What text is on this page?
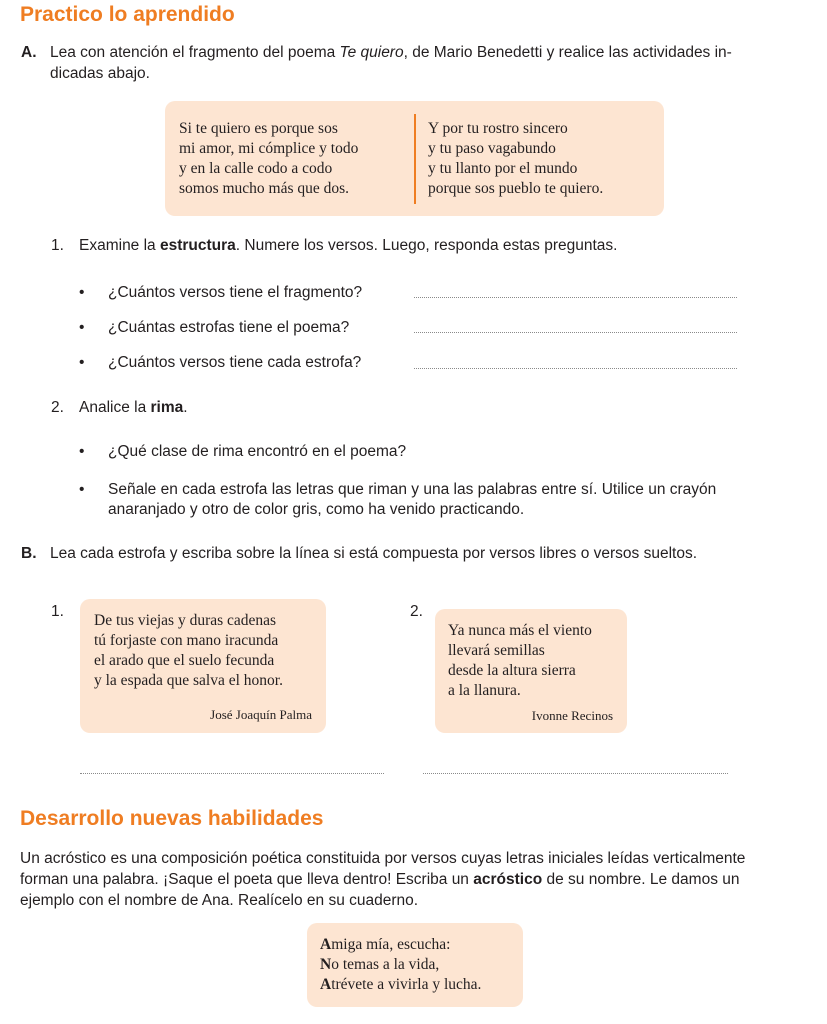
Practico lo aprendido
A. Lea con atención el fragmento del poema Te quiero, de Mario Benedetti y realice las actividades in-
dicadas abajo.
Si te quiero es porque sos
mi amor, mi cómplice y todo
y en la calle codo a codo
somos mucho más que dos.
Y por tu rostro sincero
y tu paso vagabundo
y tu llanto por el mundo
porque sos pueblo te quiero.
1. Examine la estructura. Numere los versos. Luego, responda estas preguntas.
• ¿Cuántos versos tiene el fragmento?
• ¿Cuántas estrofas tiene el poema?
• ¿Cuántos versos tiene cada estrofa?
2. Analice la rima.
• ¿Qué clase de rima encontró en el poema?
• Señale en cada estrofa las letras que riman y una las palabras entre sí. Utilice un crayón
anaranjado y otro de color gris, como ha venido practicando.
B. Lea cada estrofa y escriba sobre la línea si está compuesta por versos libres o versos sueltos.
1.
De tus viejas y duras cadenas
tú forjaste con mano iracunda
el arado que el suelo fecunda
y la espada que salva el honor.
José Joaquín Palma
2.
Ya nunca más el viento
llevará semillas
desde la altura sierra
a la llanura.
Ivonne Recinos
Desarrollo nuevas habilidades
Un acróstico es una composición poética constituida por versos cuyas letras iniciales leídas verticalmente
forman una palabra. ¡Saque el poeta que lleva dentro! Escriba un acróstico de su nombre. Le damos un
ejemplo con el nombre de Ana. Realícelo en su cuaderno.
Amiga mía, escucha:
No temas a la vida,
Atrévete a vivirla y lucha.
